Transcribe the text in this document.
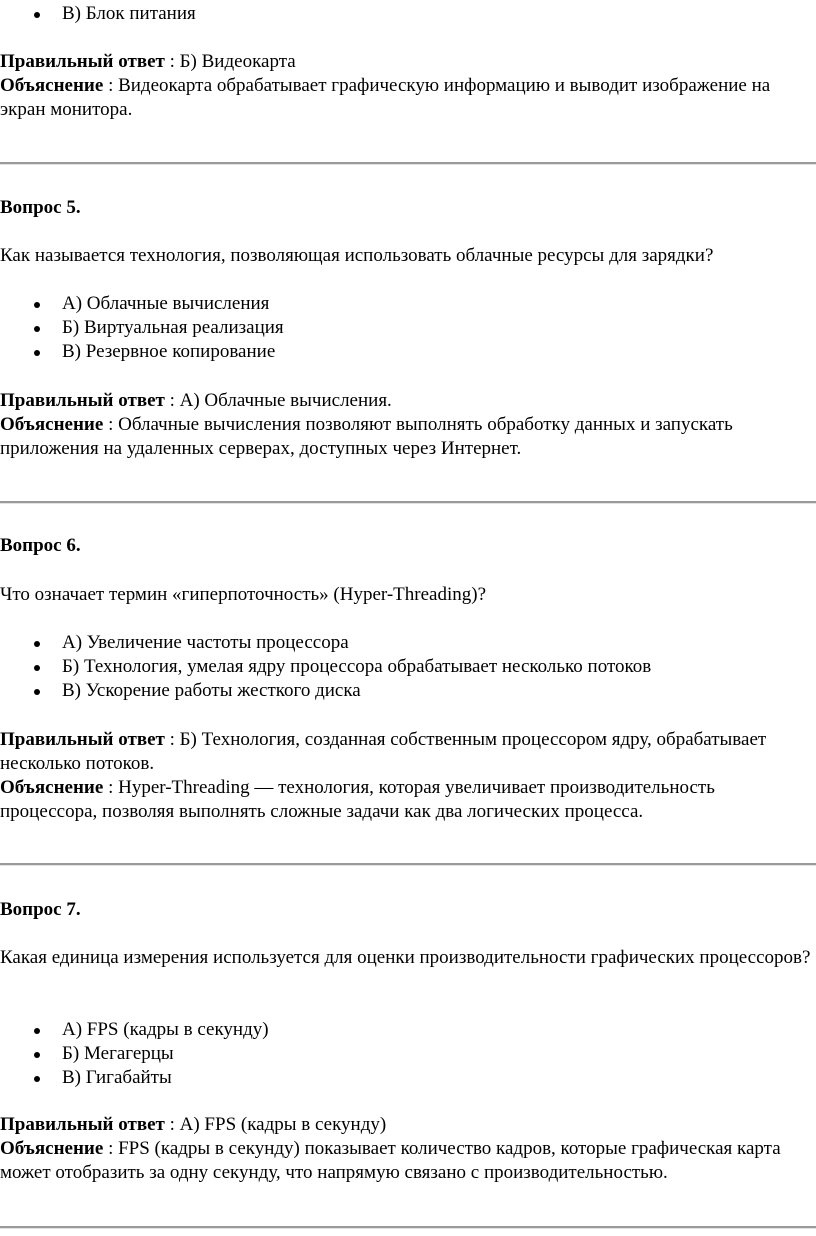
В) Блок питания

Правильный ответ : Б) Видеокарта

Объяснение : Видеокарта обрабатывает графическую информацию и выводит изображение на экран монитора.

Вопрос 5.

Как называется технология, позволяющая использовать облачные ресурсы для зарядки?

А) Облачные вычисления
Б) Виртуальная реализация
В) Резервное копирование

Правильный ответ : А) Облачные вычисления.

Объяснение : Облачные вычисления позволяют выполнять обработку данных и запускать приложения на удаленных серверах, доступных через Интернет.

Вопрос 6.

Что означает термин «гиперпоточность» (Hyper-Threading)?

А) Увеличение частоты процессора
Б) Технология, умелая ядру процессора обрабатывает несколько потоков
В) Ускорение работы жесткого диска

Правильный ответ : Б) Технология, созданная собственным процессором ядру, обрабатывает несколько потоков.

Объяснение : Hyper-Threading — технология, которая увеличивает производительность процессора, позволяя выполнять сложные задачи как два логических процесса.

Вопрос 7.

Какая единица измерения используется для оценки производительности графических процессоров?

А) FPS (кадры в секунду)
Б) Мегагерцы
В) Гигабайты

Правильный ответ : А) FPS (кадры в секунду)

Объяснение : FPS (кадры в секунду) показывает количество кадров, которые графическая карта может отобразить за одну секунду, что напрямую связано с производительностью.
